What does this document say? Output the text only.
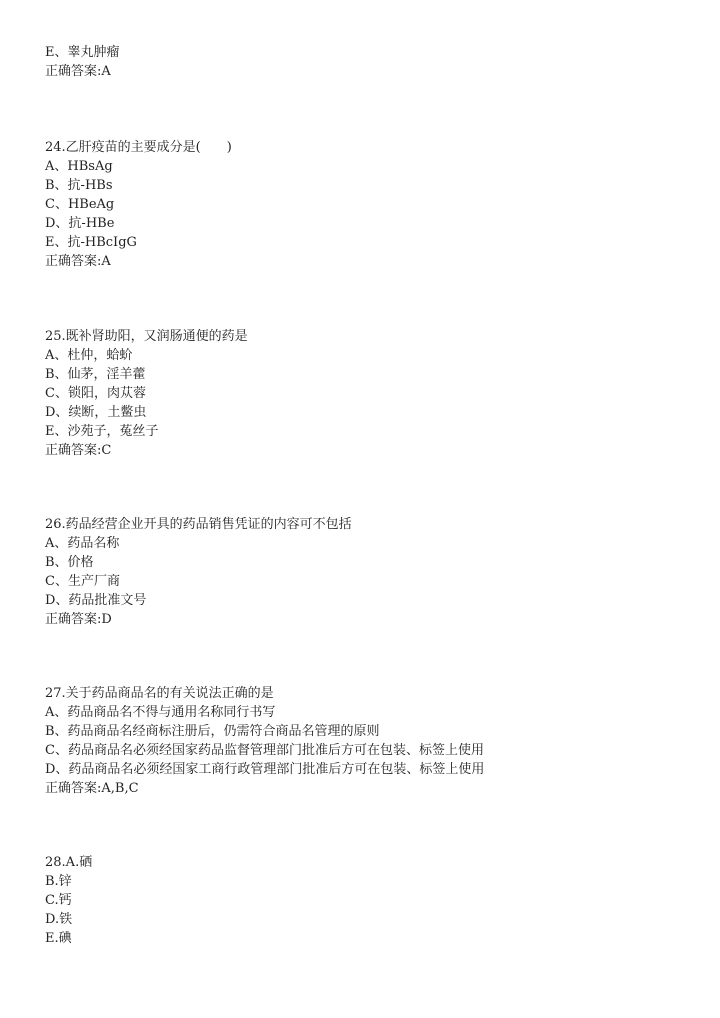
E、睾丸肿瘤
正确答案:A
24.乙肝疫苗的主要成分是(　　)
A、HBsAg
B、抗-HBs
C、HBeAg
D、抗-HBe
E、抗-HBcIgG
正确答案:A
25.既补肾助阳，又润肠通便的药是
A、杜仲，蛤蚧
B、仙茅，淫羊藿
C、锁阳，肉苁蓉
D、续断，土鳖虫
E、沙苑子，菟丝子
正确答案:C
26.药品经营企业开具的药品销售凭证的内容可不包括
A、药品名称
B、价格
C、生产厂商
D、药品批准文号
正确答案:D
27.关于药品商品名的有关说法正确的是
A、药品商品名不得与通用名称同行书写
B、药品商品名经商标注册后，仍需符合商品名管理的原则
C、药品商品名必须经国家药品监督管理部门批准后方可在包装、标签上使用
D、药品商品名必须经国家工商行政管理部门批准后方可在包装、标签上使用
正确答案:A,B,C
28.A.硒
B.锌
C.钙
D.铁
E.碘
